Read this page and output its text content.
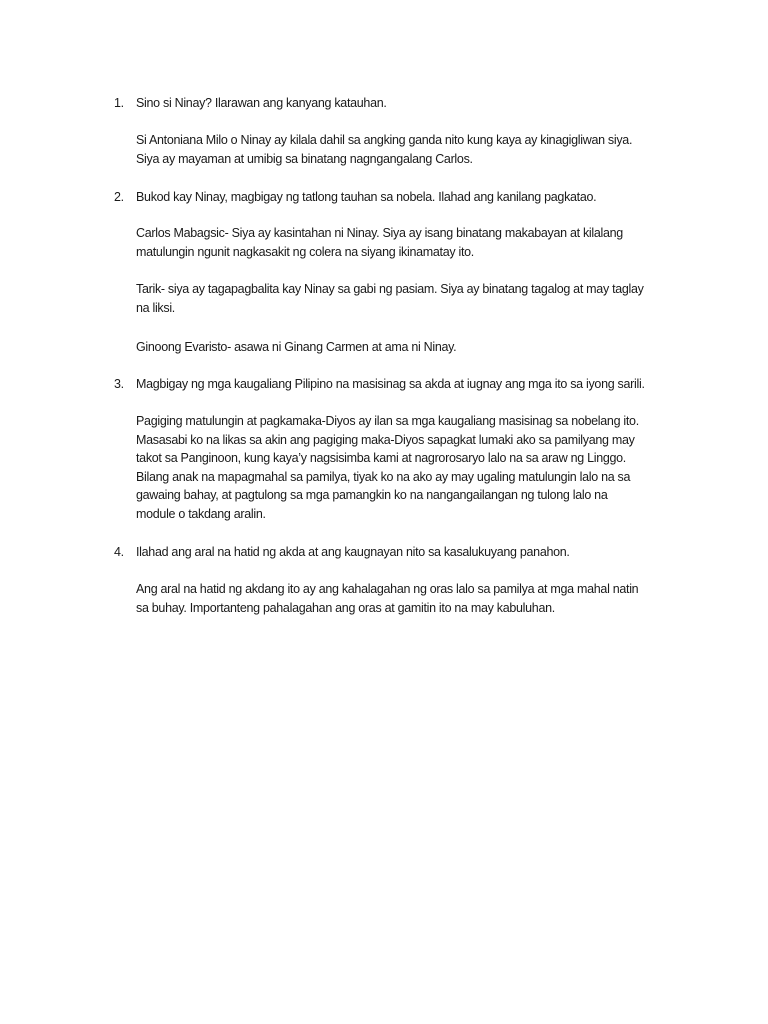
1. Sino si Ninay? Ilarawan ang kanyang katauhan.

Si Antoniana Milo o Ninay ay kilala dahil sa angking ganda nito kung kaya ay kinagigliwan siya.
Siya ay mayaman at umibig sa binatang nagngangalang Carlos.

2. Bukod kay Ninay, magbigay ng tatlong tauhan sa nobela. Ilahad ang kanilang pagkatao.

Carlos Mabagsic- Siya ay kasintahan ni Ninay. Siya ay isang binatang makabayan at kilalang
matulungin ngunit nagkasakit ng colera na siyang ikinamatay ito.

Tarik- siya ay tagapagbalita kay Ninay sa gabi ng pasiam. Siya ay binatang tagalog at may taglay
na liksi.

Ginoong Evaristo- asawa ni Ginang Carmen at ama ni Ninay.

3. Magbigay ng mga kaugaliang Pilipino na masisinag sa akda at iugnay ang mga ito sa iyong sarili.

Pagiging matulungin at pagkamaka-Diyos ay ilan sa mga kaugaliang masisinag sa nobelang ito.
Masasabi ko na likas sa akin ang pagiging maka-Diyos sapagkat lumaki ako sa pamilyang may
takot sa Panginoon, kung kaya’y nagsisimba kami at nagrorosaryo lalo na sa araw ng Linggo.
Bilang anak na mapagmahal sa pamilya, tiyak ko na ako ay may ugaling matulungin lalo na sa
gawaing bahay, at pagtulong sa mga pamangkin ko na nangangailangan ng tulong lalo na
module o takdang aralin.

4. Ilahad ang aral na hatid ng akda at ang kaugnayan nito sa kasalukuyang panahon.

Ang aral na hatid ng akdang ito ay ang kahalagahan ng oras lalo sa pamilya at mga mahal natin
sa buhay. Importanteng pahalagahan ang oras at gamitin ito na may kabuluhan.
